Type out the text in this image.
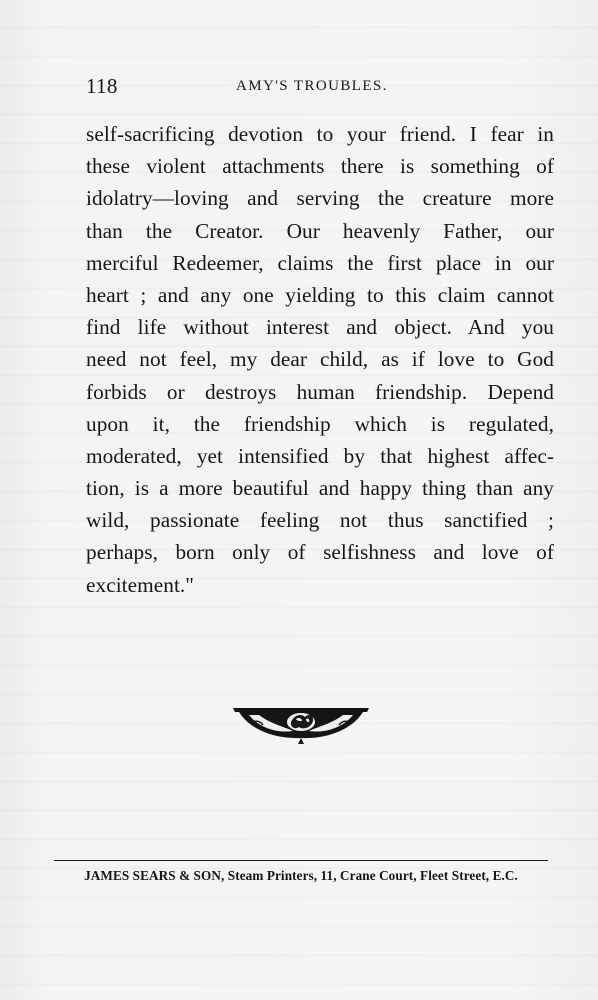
118	AMY'S TROUBLES.
self-sacrificing devotion to your friend. I fear in
these violent attachments there is something of
idolatry—loving and serving the creature more
than the Creator. Our heavenly Father, our
merciful Redeemer, claims the first place in our
heart ; and any one yielding to this claim cannot
find life without interest and object. And you
need not feel, my dear child, as if love to God
forbids or destroys human friendship. Depend
upon it, the friendship which is regulated,
moderated, yet intensified by that highest affec-
tion, is a more beautiful and happy thing than any
wild, passionate feeling not thus sanctified ;
perhaps, born only of selfishness and love of
excitement."
JAMES SEARS & SON, Steam Printers, 11, Crane Court, Fleet Street, E.C.
